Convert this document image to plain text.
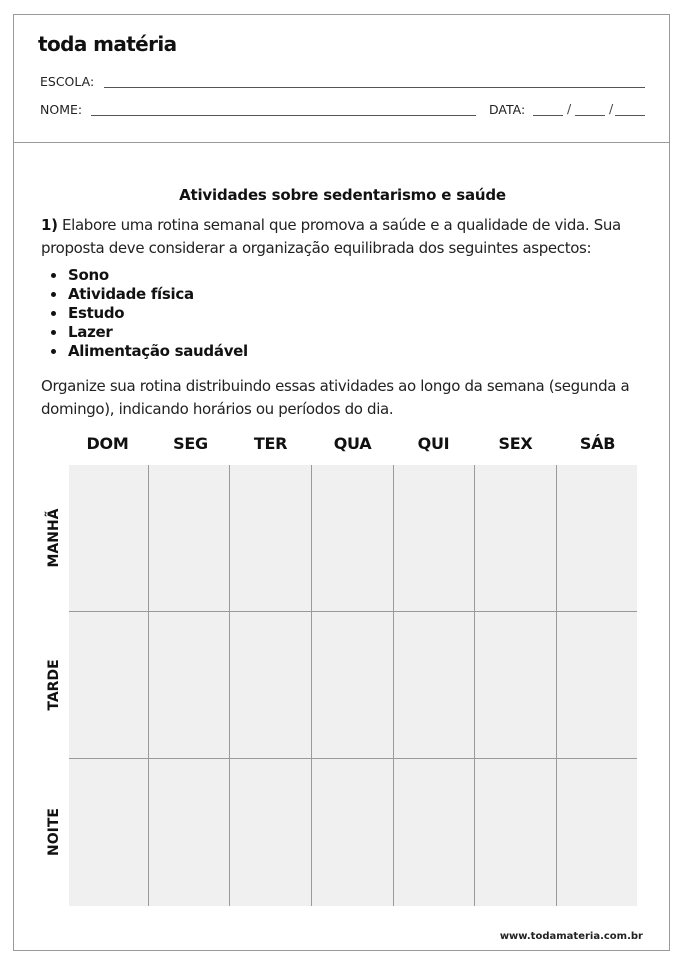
toda matéria
ESCOLA:
NOME:	DATA:	/	/
Atividades sobre sedentarismo e saúde
1) Elabore uma rotina semanal que promova a saúde e a qualidade de vida. Sua proposta deve considerar a organização equilibrada dos seguintes aspectos:
Sono
Atividade física
Estudo
Lazer
Alimentação saudável
Organize sua rotina distribuindo essas atividades ao longo da semana (segunda a domingo), indicando horários ou períodos do dia.
DOM	SEG	TER	QUA	QUI	SEX	SÁB
MANHÃ
TARDE
NOITE
www.todamateria.com.br
